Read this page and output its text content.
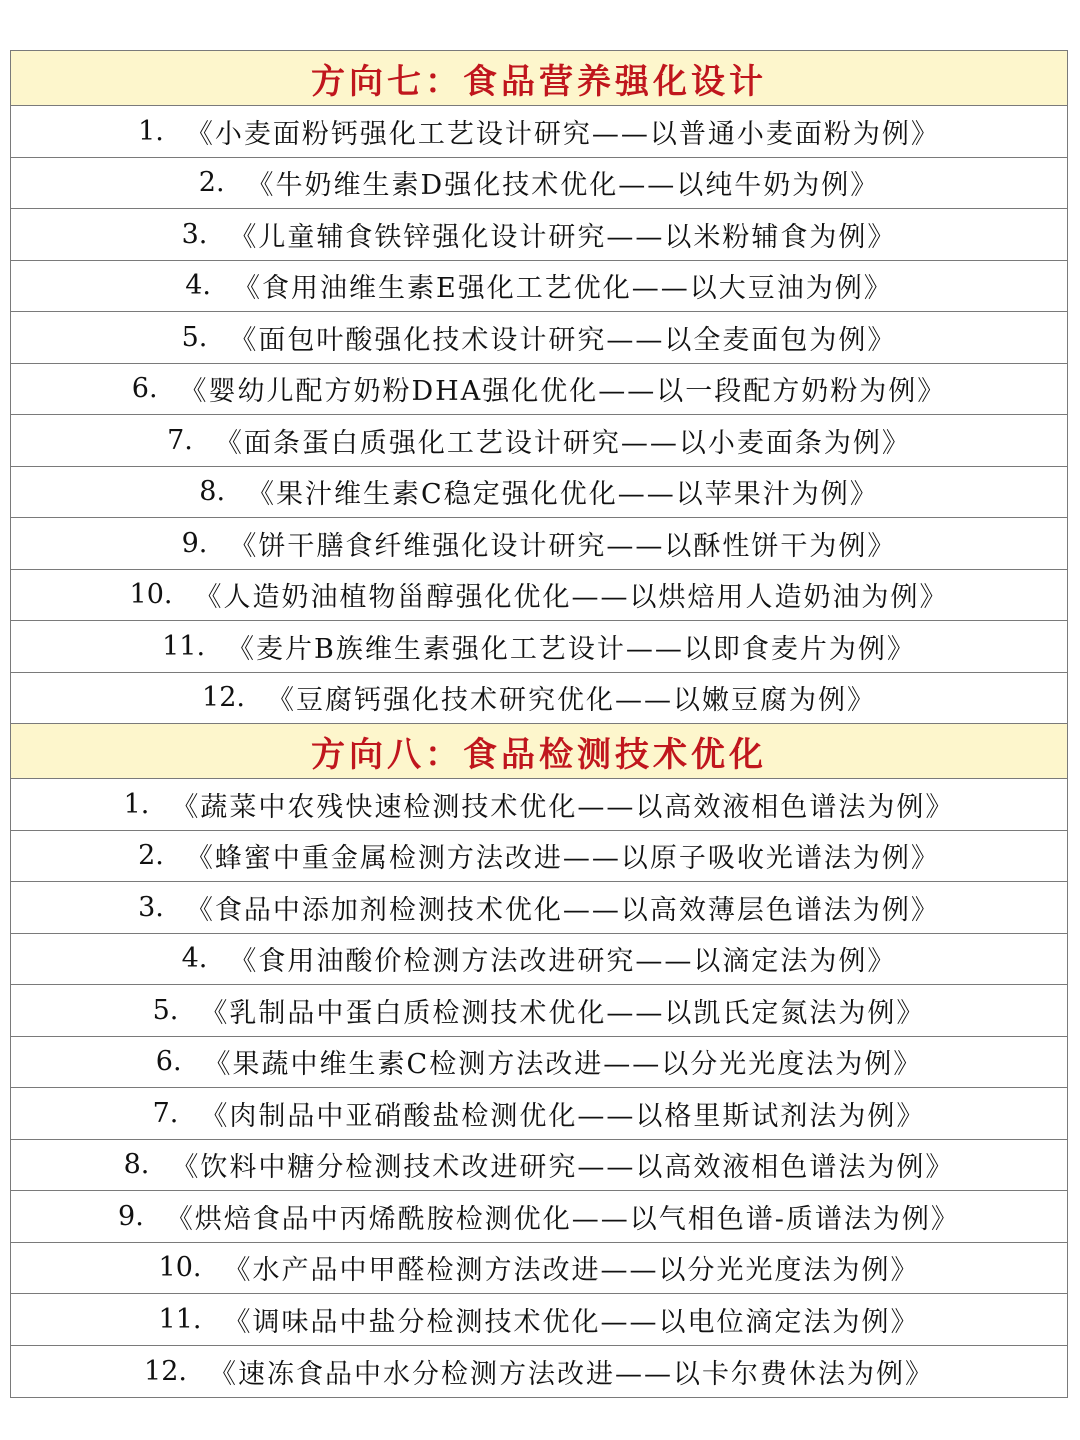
方向七：食品营养强化设计
1. 《小麦面粉钙强化工艺设计研究——以普通小麦面粉为例》
2. 《牛奶维生素D强化技术优化——以纯牛奶为例》
3. 《儿童辅食铁锌强化设计研究——以米粉辅食为例》
4. 《食用油维生素E强化工艺优化——以大豆油为例》
5. 《面包叶酸强化技术设计研究——以全麦面包为例》
6. 《婴幼儿配方奶粉DHA强化优化——以一段配方奶粉为例》
7. 《面条蛋白质强化工艺设计研究——以小麦面条为例》
8. 《果汁维生素C稳定强化优化——以苹果汁为例》
9. 《饼干膳食纤维强化设计研究——以酥性饼干为例》
10. 《人造奶油植物甾醇强化优化——以烘焙用人造奶油为例》
11. 《麦片B族维生素强化工艺设计——以即食麦片为例》
12. 《豆腐钙强化技术研究优化——以嫩豆腐为例》
方向八：食品检测技术优化
1. 《蔬菜中农残快速检测技术优化——以高效液相色谱法为例》
2. 《蜂蜜中重金属检测方法改进——以原子吸收光谱法为例》
3. 《食品中添加剂检测技术优化——以高效薄层色谱法为例》
4. 《食用油酸价检测方法改进研究——以滴定法为例》
5. 《乳制品中蛋白质检测技术优化——以凯氏定氮法为例》
6. 《果蔬中维生素C检测方法改进——以分光光度法为例》
7. 《肉制品中亚硝酸盐检测优化——以格里斯试剂法为例》
8. 《饮料中糖分检测技术改进研究——以高效液相色谱法为例》
9. 《烘焙食品中丙烯酰胺检测优化——以气相色谱-质谱法为例》
10. 《水产品中甲醛检测方法改进——以分光光度法为例》
11. 《调味品中盐分检测技术优化——以电位滴定法为例》
12. 《速冻食品中水分检测方法改进——以卡尔费休法为例》
